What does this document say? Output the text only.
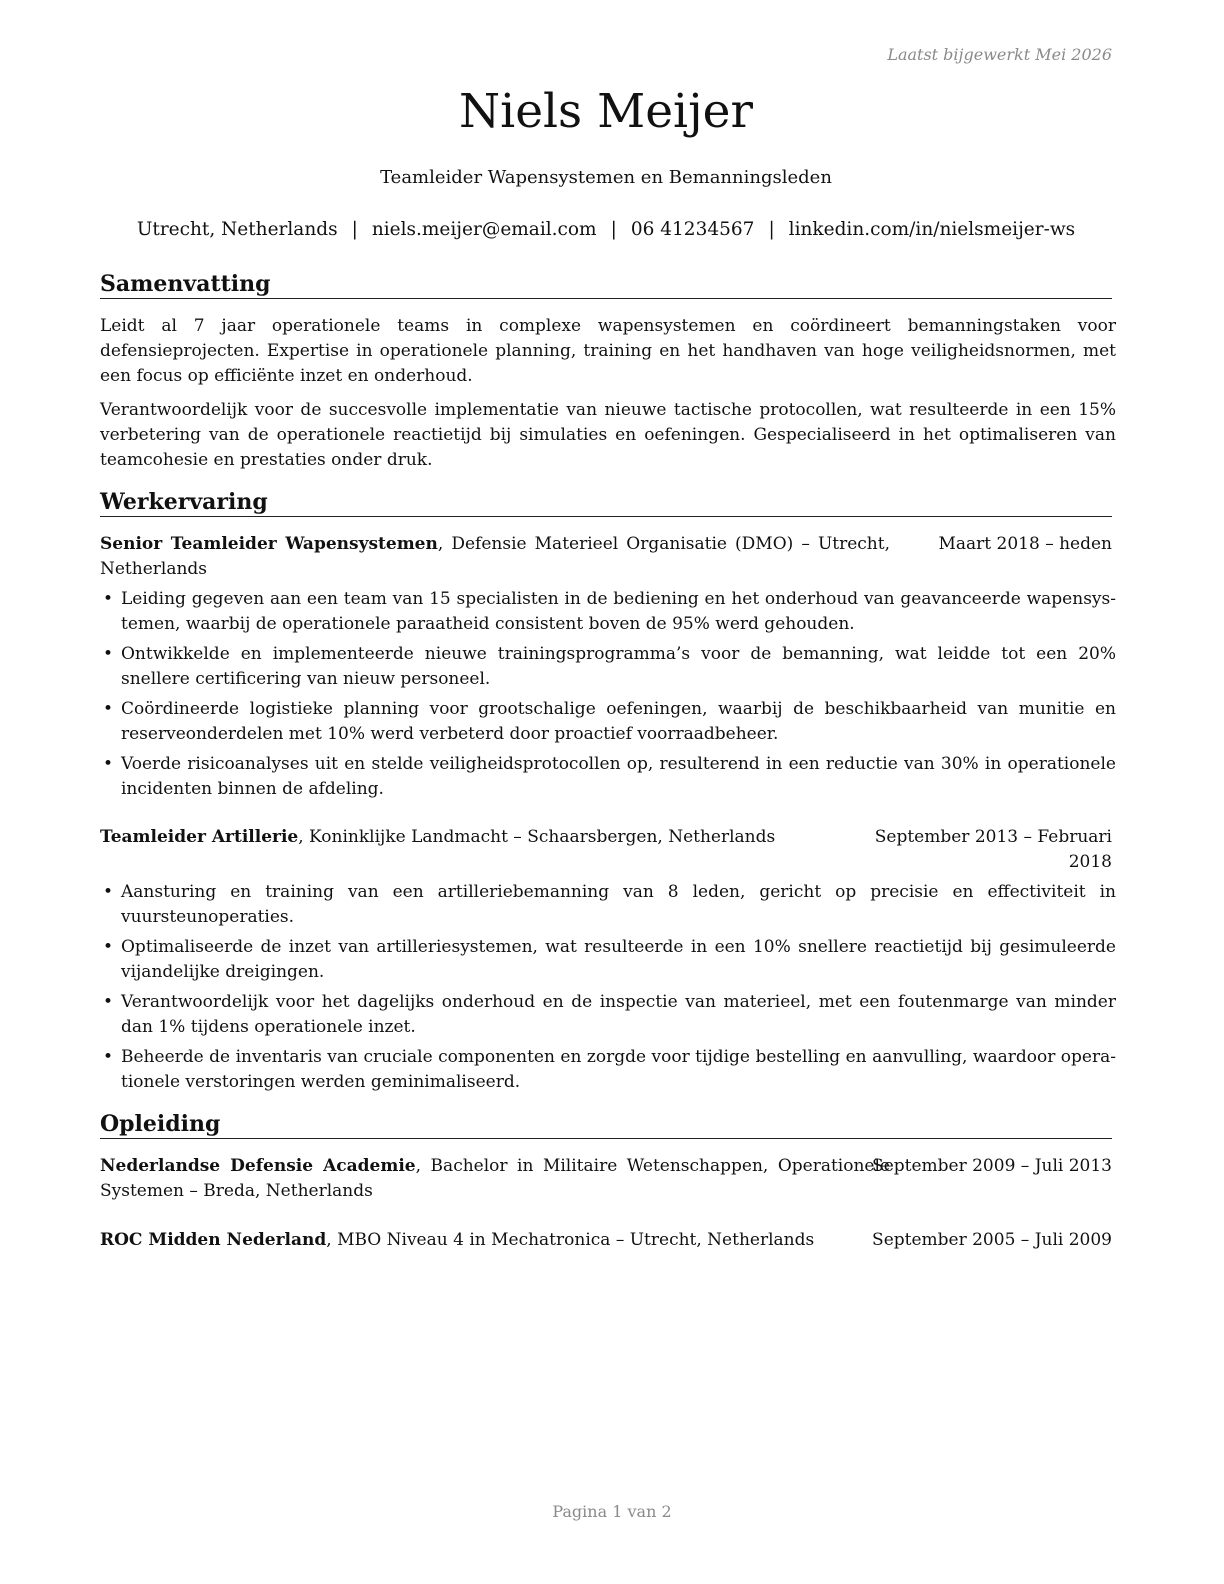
Laatst bijgewerkt Mei 2026
Niels Meijer
Teamleider Wapensystemen en Bemanningsleden
Utrecht, Netherlands | niels.meijer@email.com | 06 41234567 | linkedin.com/in/nielsmeijer-ws
Samenvatting
Leidt al 7 jaar operationele teams in complexe wapensystemen en coördineert bemanningstaken voor defensieprojecten. Expertise in operationele planning, training en het handhaven van hoge veiligheidsnormen, met een focus op efficiënte inzet en onderhoud.
Verantwoordelijk voor de succesvolle implementatie van nieuwe tactische protocollen, wat resulteerde in een 15% verbetering van de operationele reactietijd bij simulaties en oefeningen. Gespecialiseerd in het optimaliseren van teamcohesie en prestaties onder druk.
Werkervaring
Senior Teamleider Wapensystemen, Defensie Materieel Organisatie (DMO) – Utrecht, Netherlands
Maart 2018 – heden
• Leiding gegeven aan een team van 15 specialisten in de bediening en het onderhoud van geavanceerde wapensystemen, waarbij de operationele paraatheid consistent boven de 95% werd gehouden.
• Ontwikkelde en implementeerde nieuwe trainingsprogramma’s voor de bemanning, wat leidde tot een 20% snellere certificering van nieuw personeel.
• Coördineerde logistieke planning voor grootschalige oefeningen, waarbij de beschikbaarheid van munitie en reserveonderdelen met 10% werd verbeterd door proactief voorraadbeheer.
• Voerde risicoanalyses uit en stelde veiligheidsprotocollen op, resulterend in een reductie van 30% in operationele incidenten binnen de afdeling.
Teamleider Artillerie, Koninklijke Landmacht – Schaarsbergen, Netherlands	September 2013 – Februari 2018
• Aansturing en training van een artilleriebemanning van 8 leden, gericht op precisie en effectiviteit in vuursteunoperaties.
• Optimaliseerde de inzet van artilleriesystemen, wat resulteerde in een 10% snellere reactietijd bij gesimuleerde vijandelijke dreigingen.
• Verantwoordelijk voor het dagelijks onderhoud en de inspectie van materieel, met een foutenmarge van minder dan 1% tijdens operationele inzet.
• Beheerde de inventaris van cruciale componenten en zorgde voor tijdige bestelling en aanvulling, waardoor operationele verstoringen werden geminimaliseerd.
Opleiding
Nederlandse Defensie Academie, Bachelor in Militaire Wetenschappen, Operationele Systemen – Breda, Netherlands
September 2009 – Juli 2013
ROC Midden Nederland, MBO Niveau 4 in Mechatronica – Utrecht, Netherlands	September 2005 – Juli 2009
Pagina 1 van 2
